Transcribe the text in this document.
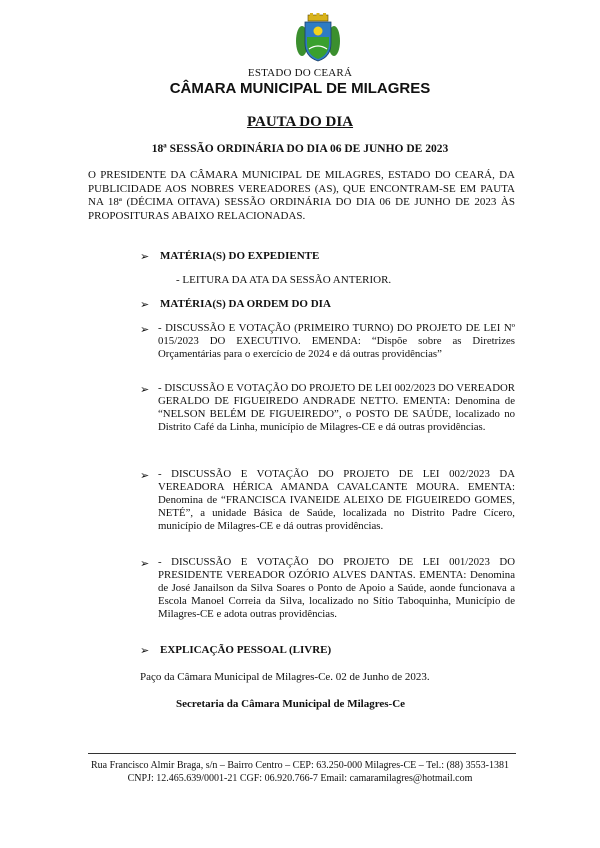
ESTADO DO CEARÁ
CÂMARA MUNICIPAL DE MILAGRES
PAUTA DO DIA
18ª SESSÃO ORDINÁRIA DO DIA 06 DE JUNHO DE 2023
O PRESIDENTE DA CÂMARA MUNICIPAL DE MILAGRES, ESTADO DO CEARÁ, DA PUBLICIDADE AOS NOBRES VEREADORES (AS), QUE ENCONTRAM-SE EM PAUTA NA 18ª (DÉCIMA OITAVA) SESSÃO ORDINÁRIA DO DIA 06 DE JUNHO DE 2023 ÀS PROPOSITURAS ABAIXO RELACIONADAS.
➢ MATÉRIA(S) DO EXPEDIENTE
- LEITURA DA ATA DA SESSÃO ANTERIOR.
➢ MATÉRIA(S) DA ORDEM DO DIA
➢ - DISCUSSÃO E VOTAÇÃO (PRIMEIRO TURNO) DO PROJETO DE LEI Nº 015/2023 DO EXECUTIVO. EMENDA: “Dispõe sobre as Diretrizes Orçamentárias para o exercício de 2024 e dá outras providências”
➢ - DISCUSSÃO E VOTAÇÃO DO PROJETO DE LEI 002/2023 DO VEREADOR GERALDO DE FIGUEIREDO ANDRADE NETTO. EMENTA: Denomina de “NELSON BELÉM DE FIGUEIREDO”, o POSTO DE SAÚDE, localizado no Distrito Café da Linha, município de Milagres-CE e dá outras providências.
➢ - DISCUSSÃO E VOTAÇÃO DO PROJETO DE LEI 002/2023 DA VEREADORA HÉRICA AMANDA CAVALCANTE MOURA. EMENTA: Denomina de “FRANCISCA IVANEIDE ALEIXO DE FIGUEIREDO GOMES, NETÉ”, a unidade Básica de Saúde, localizada no Distrito Padre Cícero, município de Milagres-CE e dá outras providências.
➢ - DISCUSSÃO E VOTAÇÃO DO PROJETO DE LEI 001/2023 DO PRESIDENTE VEREADOR OZÓRIO ALVES DANTAS. EMENTA: Denomina de José Janailson da Silva Soares o Ponto de Apoio a Saúde, aonde funcionava a Escola Manoel Correia da Silva, localizado no Sítio Taboquinha, Município de Milagres-CE e adota outras providências.
➢ EXPLICAÇÃO PESSOAL (LIVRE)
Paço da Câmara Municipal de Milagres-Ce. 02 de Junho de 2023.
Secretaria da Câmara Municipal de Milagres-Ce
Rua Francisco Almir Braga, s/n – Bairro Centro – CEP: 63.250-000 Milagres-CE – Tel.: (88) 3553-1381
CNPJ: 12.465.639/0001-21 CGF: 06.920.766-7 Email: camaramilagres@hotmail.com
